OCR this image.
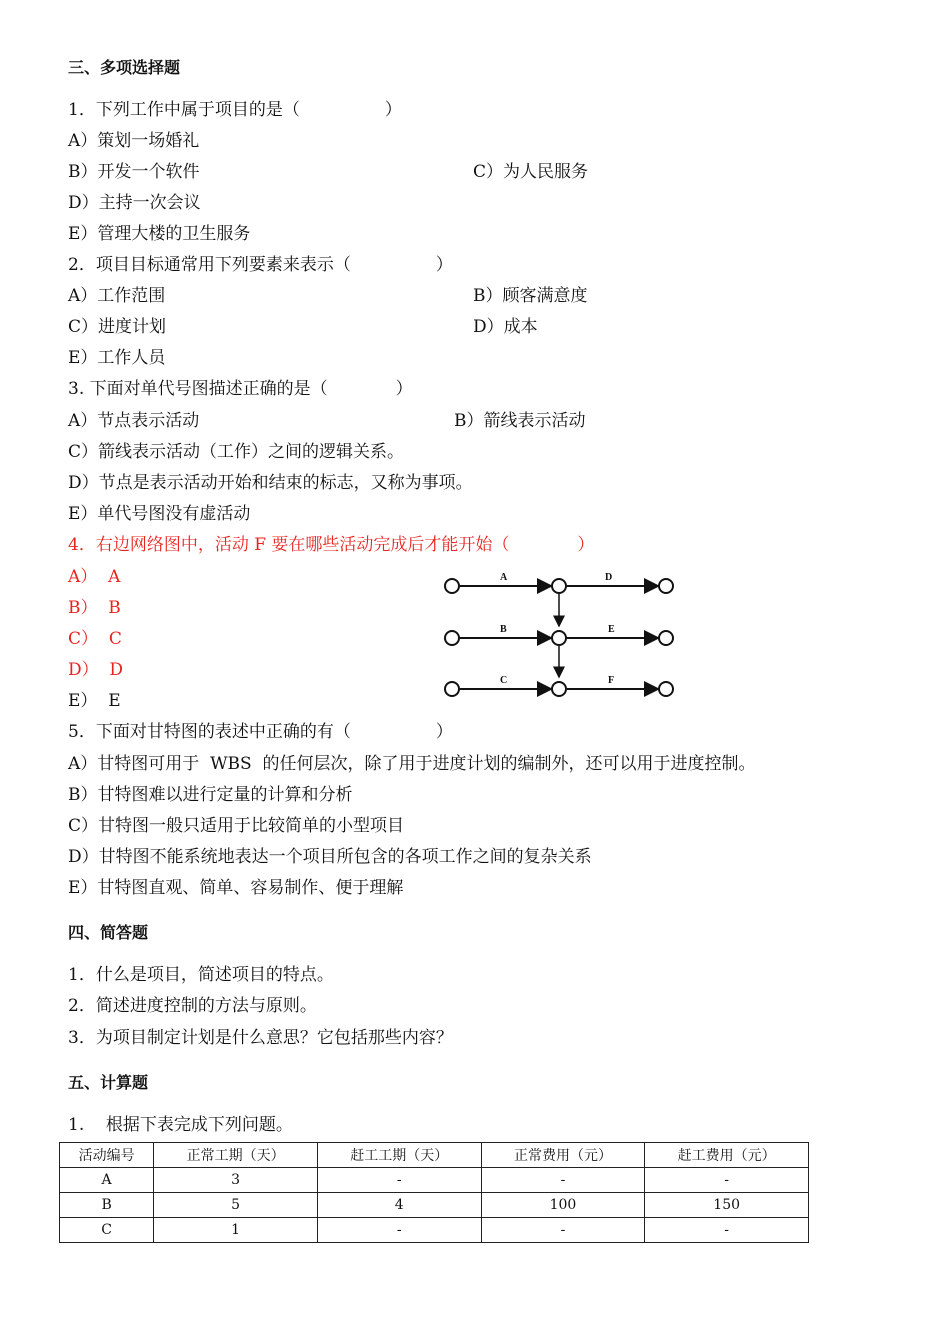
三、多项选择题
1．下列工作中属于项目的是（　　　　　）
A）策划一场婚礼
B）开发一个软件	C）为人民服务
D）主持一次会议
E）管理大楼的卫生服务
2．项目目标通常用下列要素来表示（　　　　　）
A）工作范围	B）顾客满意度
C）进度计划	D）成本
E）工作人员
3. 下面对单代号图描述正确的是（　　　　）
A）节点表示活动	B）箭线表示活动
C）箭线表示活动（工作）之间的逻辑关系。
D）节点是表示活动开始和结束的标志，又称为事项。
E）单代号图没有虚活动
4．右边网络图中，活动 F 要在哪些活动完成后才能开始（　　　　）
A）  A
B）  B
C）  C
D）  D
E）  E
A	D
B	E
C	F
5．下面对甘特图的表述中正确的有（　　　　　）
A）甘特图可用于  WBS  的任何层次，除了用于进度计划的编制外，还可以用于进度控制。
B）甘特图难以进行定量的计算和分析
C）甘特图一般只适用于比较简单的小型项目
D）甘特图不能系统地表达一个项目所包含的各项工作之间的复杂关系
E）甘特图直观、简单、容易制作、便于理解
四、简答题
1．什么是项目，简述项目的特点。
2．简述进度控制的方法与原则。
3．为项目制定计划是什么意思？它包括那些内容？
五、计算题
1.    根据下表完成下列问题。
活动编号	正常工期（天）	赶工工期（天）	正常费用（元）	赶工费用（元）
A	3	-	-	-
B	5	4	100	150
C	1	-	-	-
